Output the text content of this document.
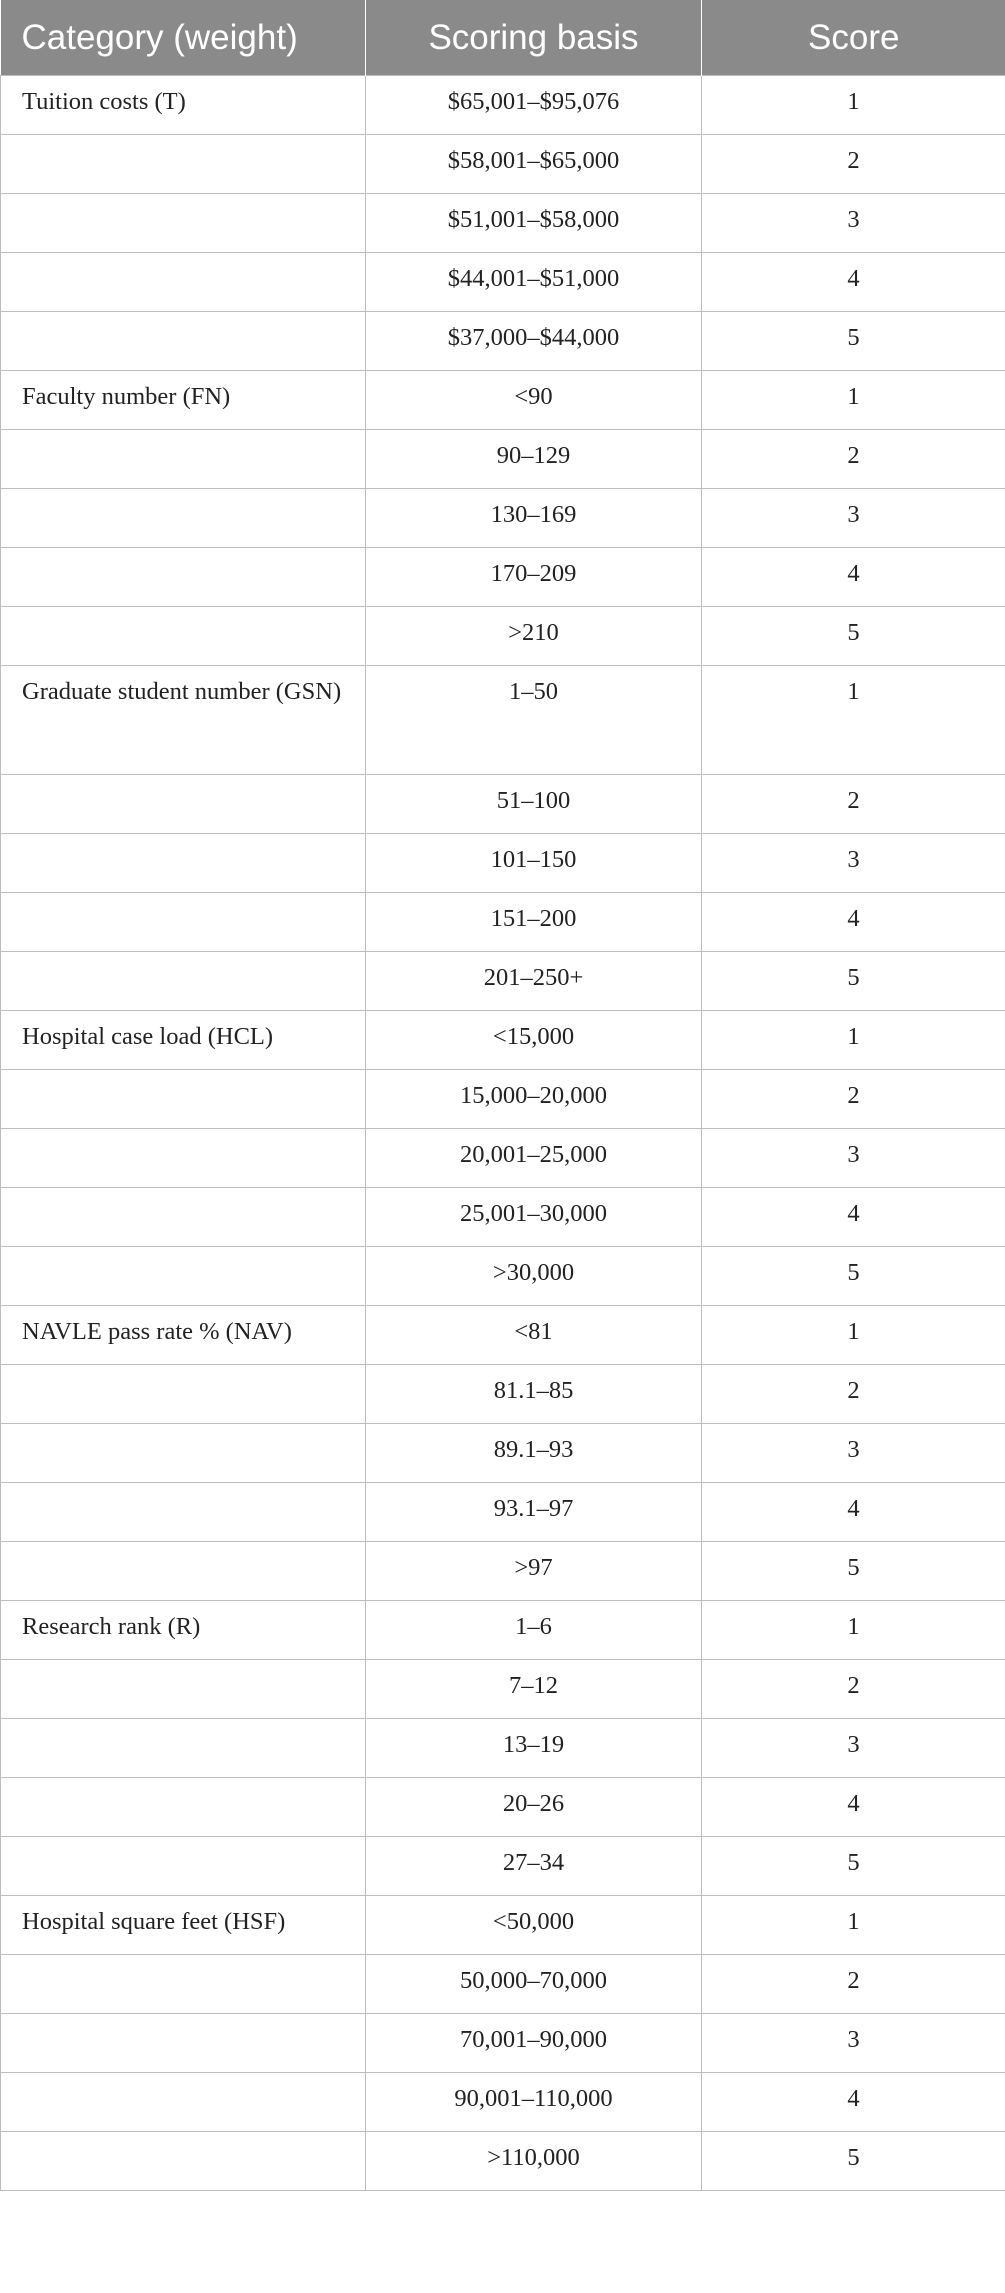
Category (weight)	Scoring basis	Score
Tuition costs (T)	$65,001–$95,076	1
	$58,001–$65,000	2
	$51,001–$58,000	3
	$44,001–$51,000	4
	$37,000–$44,000	5
Faculty number (FN)	<90	1
	90–129	2
	130–169	3
	170–209	4
	>210	5
Graduate student number (GSN)	1–50	1
	51–100	2
	101–150	3
	151–200	4
	201–250+	5
Hospital case load (HCL)	<15,000	1
	15,000–20,000	2
	20,001–25,000	3
	25,001–30,000	4
	>30,000	5
NAVLE pass rate % (NAV)	<81	1
	81.1–85	2
	89.1–93	3
	93.1–97	4
	>97	5
Research rank (R)	1–6	1
	7–12	2
	13–19	3
	20–26	4
	27–34	5
Hospital square feet (HSF)	<50,000	1
	50,000–70,000	2
	70,001–90,000	3
	90,001–110,000	4
	>110,000	5
